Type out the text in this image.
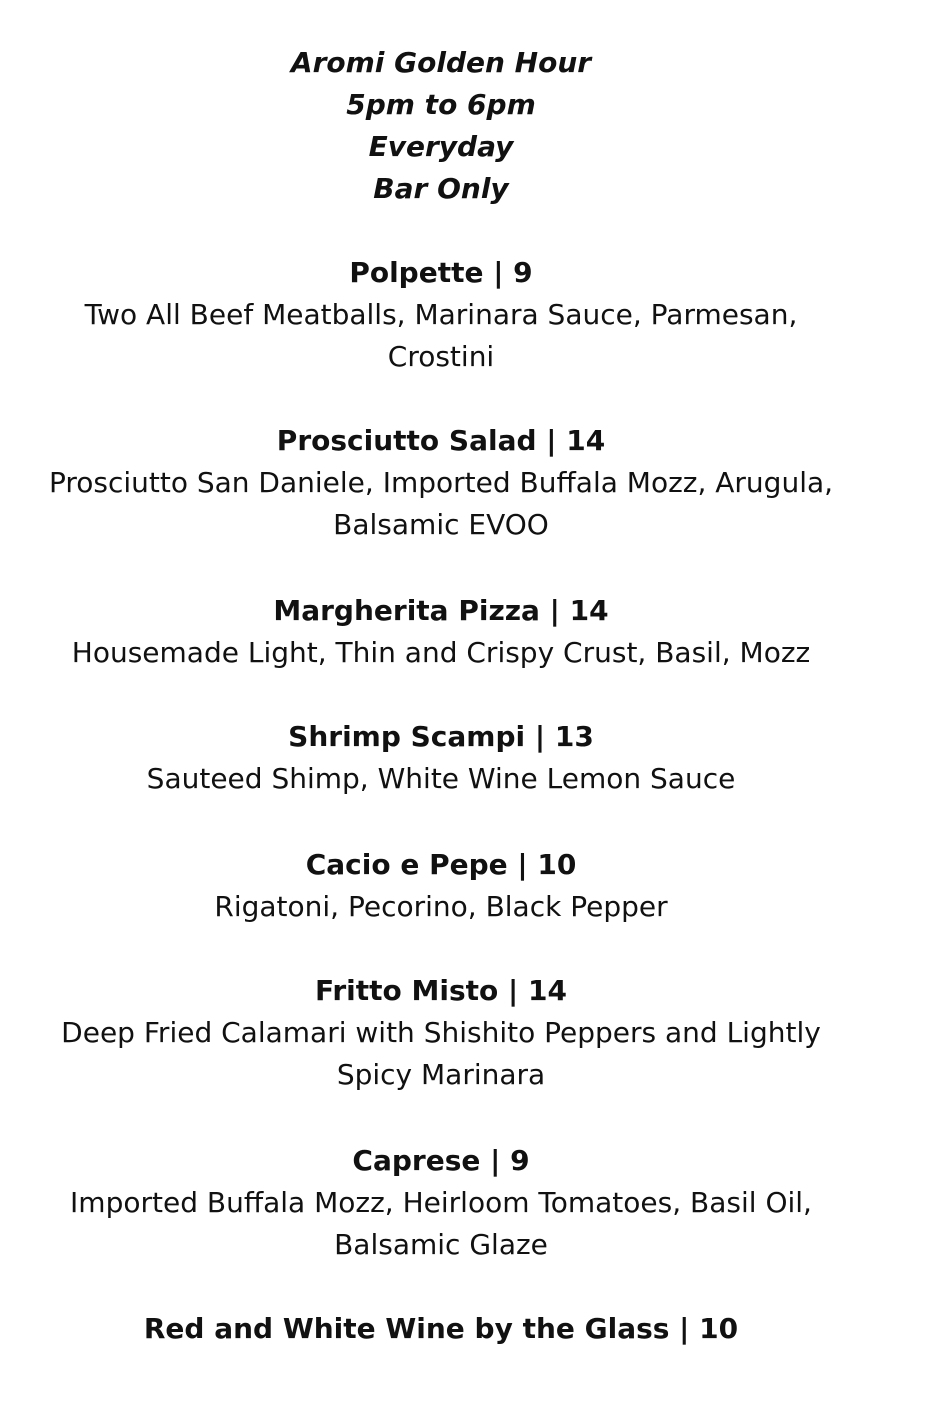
Aromi Golden Hour
5pm to 6pm
Everyday
Bar Only
Polpette | 9
Two All Beef Meatballs, Marinara Sauce, Parmesan,
Crostini
Prosciutto Salad | 14
Prosciutto San Daniele, Imported Buffala Mozz, Arugula,
Balsamic EVOO
Margherita Pizza | 14
Housemade Light, Thin and Crispy Crust, Basil, Mozz
Shrimp Scampi | 13
Sauteed Shimp, White Wine Lemon Sauce
Cacio e Pepe | 10
Rigatoni, Pecorino, Black Pepper
Fritto Misto | 14
Deep Fried Calamari with Shishito Peppers and Lightly
Spicy Marinara
Caprese | 9
Imported Buffala Mozz, Heirloom Tomatoes, Basil Oil,
Balsamic Glaze
Red and White Wine by the Glass | 10
